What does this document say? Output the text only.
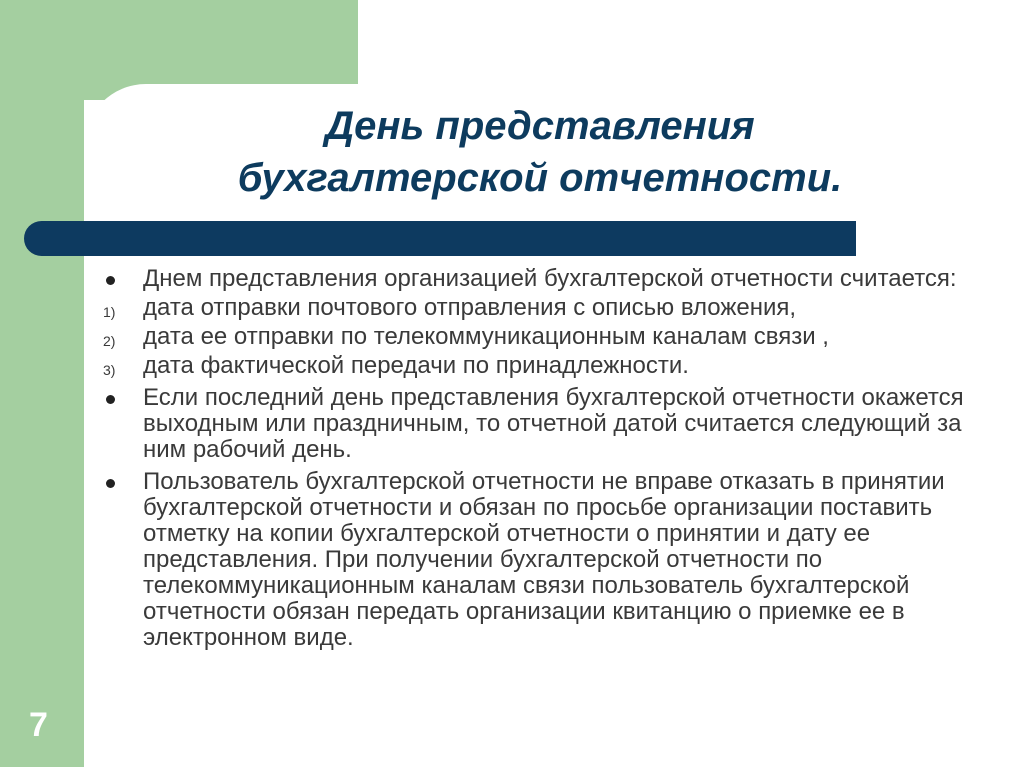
День представления
бухгалтерской отчетности.
Днем представления организацией бухгалтерской отчетности считается:
1) дата отправки почтового отправления с описью вложения,
2) дата ее отправки по телекоммуникационным каналам связи ,
3) дата фактической передачи по принадлежности.
Если последний день представления бухгалтерской отчетности окажется выходным или праздничным, то отчетной датой считается следующий за ним рабочий день.
Пользователь бухгалтерской отчетности не вправе отказать в принятии бухгалтерской отчетности и обязан по просьбе организации поставить отметку на копии бухгалтерской отчетности о принятии и дату ее представления. При получении бухгалтерской отчетности по телекоммуникационным каналам связи пользователь бухгалтерской отчетности обязан передать организации квитанцию о приемке ее в электронном виде.
7
